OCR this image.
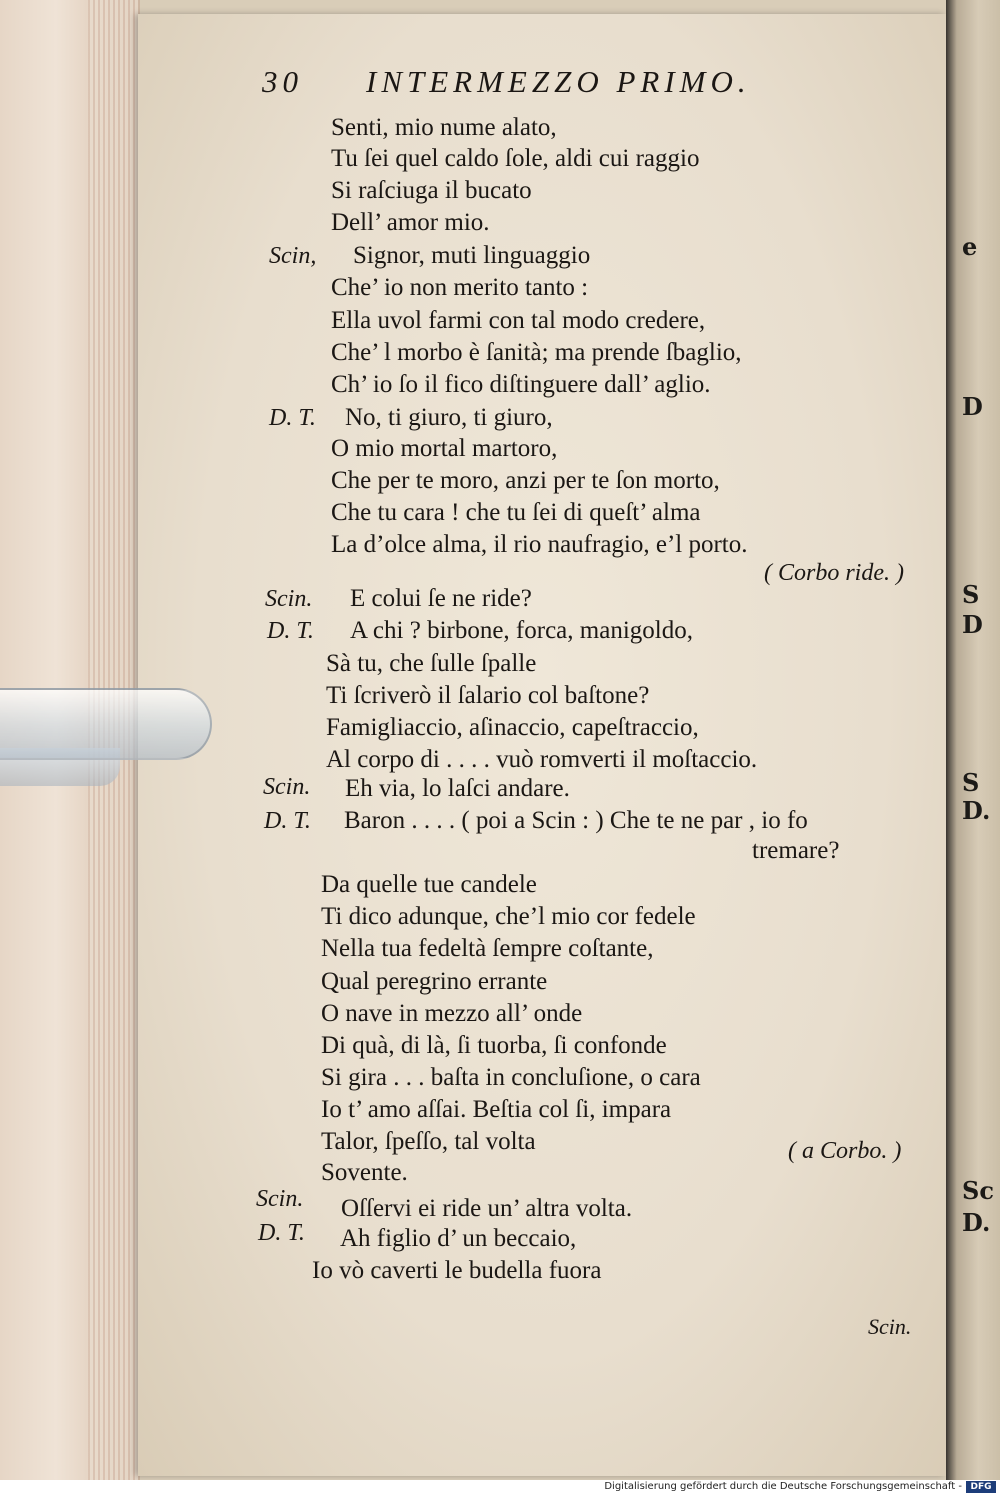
30 INTERMEZZO PRIMO.
Senti, mio nume alato,
Tu ſei quel caldo ſole, aldi cui raggio
Si raſciuga il bucato
Dell’ amor mio.
Scin, Signor, muti linguaggio
Che’ io non merito tanto :
Ella uvol farmi con tal modo credere,
Che’ l morbo è ſanità; ma prende ſbaglio,
Ch’ io ſo il fico diſtinguere dall’ aglio.
D. T. No, ti giuro, ti giuro,
O mio mortal martoro,
Che per te moro, anzi per te ſon morto,
Che tu cara ! che tu ſei di queſt’ alma
La d’olce alma, il rio naufragio, e’l porto.
( Corbo ride. )
Scin. E colui ſe ne ride?
D. T. A chi ? birbone, forca, manigoldo,
Sà tu, che ſulle ſpalle
Ti ſcriverò il ſalario col baſtone?
Famigliaccio, aſinaccio, capeſtraccio,
Al corpo di . . . . vuò romverti il moſtaccio.
Scin. Eh via, lo laſci andare.
D. T. Baron . . . . ( poi a Scin : ) Che te ne par , io fo
tremare?
Da quelle tue candele
Ti dico adunque, che’l mio cor fedele
Nella tua fedeltà ſempre coſtante,
Qual peregrino errante
O nave in mezzo all’ onde
Di quà, di là, ſi tuorba, ſi confonde
Si gira . . . baſta in concluſione, o cara
Io t’ amo aſſai. Beſtia col ſi, impara
Talor, ſpeſſo, tal volta	( a Corbo. )
Sovente.
Scin. Oſſervi ei ride un’ altra volta.
D. T. Ah figlio d’ un beccaio,
Io vò caverti le budella fuora
Scin.
e
D
S
D
S
D.
Sc
D.
Digitalisierung gefördert durch die Deutsche Forschungsgemeinschaft - DFG
